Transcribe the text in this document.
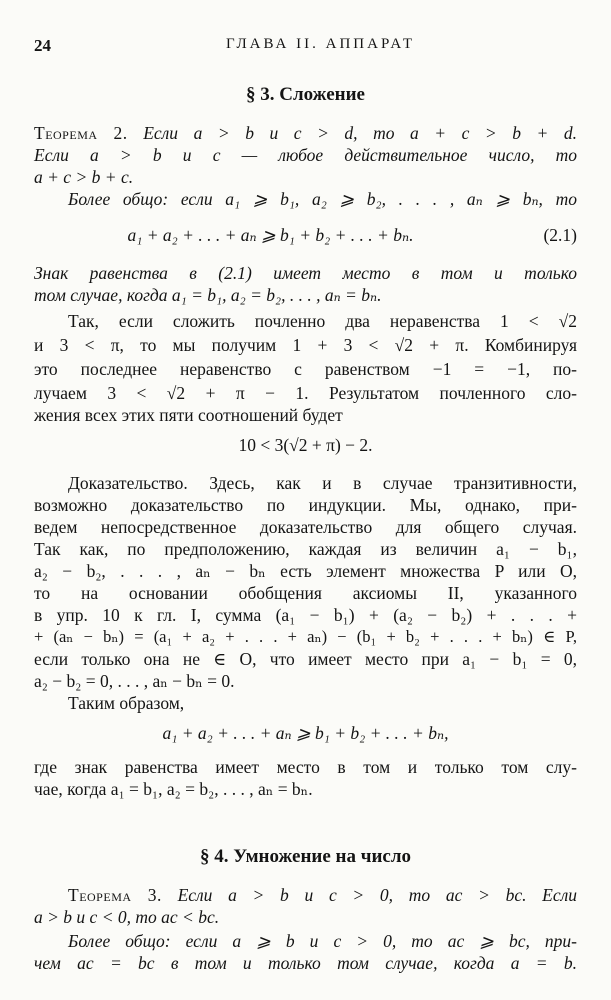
24	ГЛАВА II. АППАРАТ
§ 3. Сложение
Теорема 2. Если a > b и c > d, то a + c > b + d.
Если a > b и c — любое действительное число, то
a + c > b + c.
Более общо: если a₁ ⩾ b₁, a₂ ⩾ b₂, . . . , aₙ ⩾ bₙ, то
a₁ + a₂ + . . . + aₙ ⩾ b₁ + b₂ + . . . + bₙ.	(2.1)
Знак равенства в (2.1) имеет место в том и только
том случае, когда a₁ = b₁, a₂ = b₂, . . . , aₙ = bₙ.
Так, если сложить почленно два неравенства 1 < √2
и 3 < π, то мы получим 1 + 3 < √2 + π. Комбинируя
это последнее неравенство с равенством −1 = −1, по-
лучаем 3 < √2 + π − 1. Результатом почленного сло-
жения всех этих пяти соотношений будет
10 < 3(√2 + π) − 2.
Доказательство. Здесь, как и в случае транзитивности,
возможно доказательство по индукции. Мы, однако, при-
ведем непосредственное доказательство для общего случая.
Так как, по предположению, каждая из величин a₁ − b₁,
a₂ − b₂, . . . , aₙ − bₙ есть элемент множества P или O,
то на основании обобщения аксиомы II, указанного
в упр. 10 к гл. I, сумма (a₁ − b₁) + (a₂ − b₂) + . . . +
+ (aₙ − bₙ) = (a₁ + a₂ + . . . + aₙ) − (b₁ + b₂ + . . . + bₙ) ∈ P,
если только она не ∈ O, что имеет место при a₁ − b₁ = 0,
a₂ − b₂ = 0, . . . , aₙ − bₙ = 0.
Таким образом,
a₁ + a₂ + . . . + aₙ ⩾ b₁ + b₂ + . . . + bₙ,
где знак равенства имеет место в том и только том слу-
чае, когда a₁ = b₁, a₂ = b₂, . . . , aₙ = bₙ.
§ 4. Умножение на число
Теорема 3. Если a > b и c > 0, то ac > bc. Если
a > b и c < 0, то ac < bc.
Более общо: если a ⩾ b и c > 0, то ac ⩾ bc, при-
чем ac = bc в том и только том случае, когда a = b.
